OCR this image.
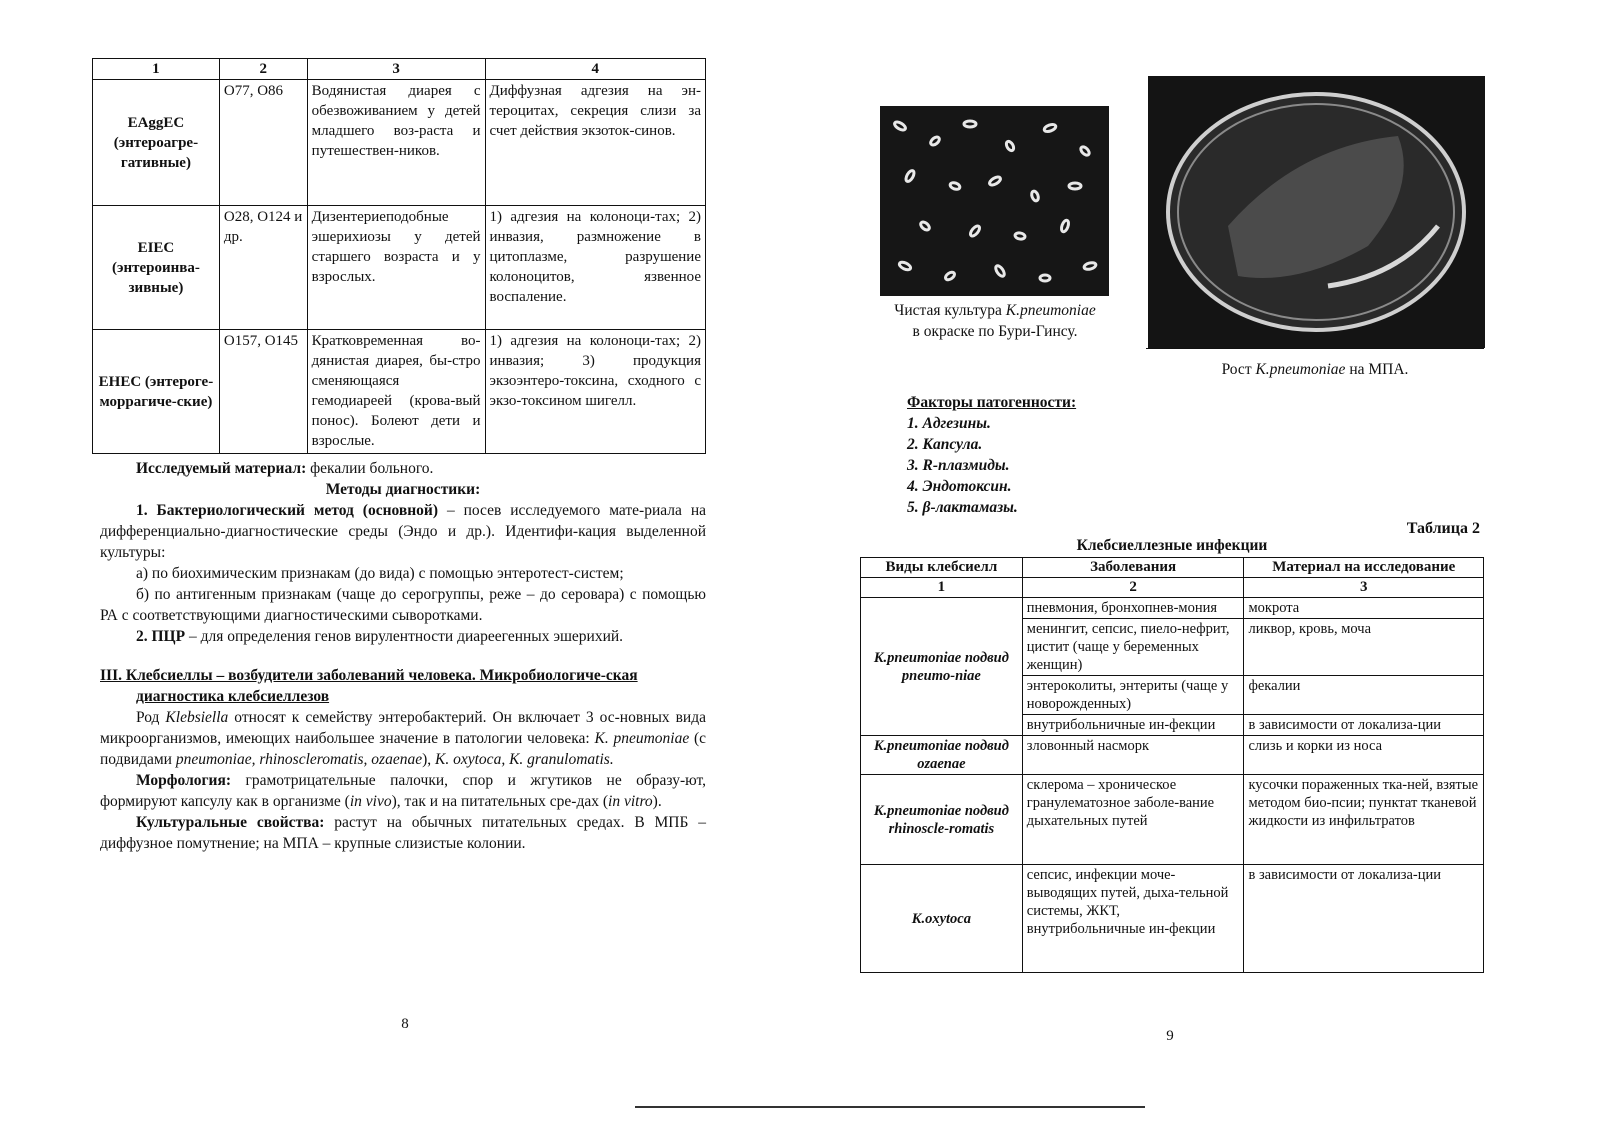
1	2	3	4
EAggEC (энтероагре-гативные)	O77, O86	Водянистая диарея с обезвоживанием у детей младшего воз-раста и путешествен-ников.	Диффузная адгезия на эн-тероцитах, секреция слизи за счет действия экзоток-синов.
EIEC (энтероинва-зивные)	O28, O124 и др.	Дизентериеподобные эшерихиозы у детей старшего возраста и у взрослых.	1) адгезия на колоноци-тах; 2) инвазия, размножение в цитоплазме, разрушение колоноцитов, язвенное воспаление.
EHEC (энтероге-моррагиче-ские)	O157, O145	Кратковременная во-дянистая диарея, бы-стро сменяющаяся гемодиареей (крова-вый понос). Болеют дети и взрослые.	1) адгезия на колоноци-тах; 2) инвазия; 3) продукция экзоэнтеро-токсина, сходного с экзо-токсином шигелл.

Исследуемый материал: фекалии больного.

Методы диагностики:

1. Бактериологический метод (основной) – посев исследуемого мате-риала на дифференциально-диагностические среды (Эндо и др.). Идентифи-кация выделенной культуры:

а) по биохимическим признакам (до вида) с помощью энтеротест-систем;

б) по антигенным признакам (чаще до серогруппы, реже – до серовара) с помощью РА с соответствующими диагностическими сыворотками.

2. ПЦР – для определения генов вирулентности диареегенных эшерихий.

III. Клебсиеллы – возбудители заболеваний человека. Микробиологиче-ская диагностика клебсиеллезов

Род Klebsiella относят к семейству энтеробактерий. Он включает 3 ос-новных вида микроорганизмов, имеющих наибольшее значение в патологии человека: K. pneumoniae (с подвидами pneumoniae, rhinoscleromatis, ozaenae), K. oxytoca, K. granulomatis.

Морфология: грамотрицательные палочки, спор и жгутиков не образу-ют, формируют капсулу как в организме (in vivo), так и на питательных сре-дах (in vitro).

Культуральные свойства: растут на обычных питательных средах. В МПБ – диффузное помутнение; на МПА – крупные слизистые колонии.

8
Чистая культура K.pneumoniae
в окраске по Бури-Гинсу.
Рост K.pneumoniae на МПА.
Факторы патогенности:
1. Адгезины.
2. Капсула.
3. R-плазмиды.
4. Эндотоксин.
5. β-лактамазы.
Таблица 2
Клебсиеллезные инфекции
Виды клебсиелл	Заболевания	Материал на исследование
1	2	3
K.pneumoniae подвид pneumo-niae	пневмония, бронхопнев-мония	мокрота
	менингит, сепсис, пиело-нефрит, цистит (чаще у беременных женщин)	ликвор, кровь, моча
	энтероколиты, энтериты (чаще у новорожденных)	фекалии
	внутрибольничные ин-фекции	в зависимости от локализа-ции
K.pneumoniae подвид ozaenae	зловонный насморк	слизь и корки из носа
K.pneumoniae подвид rhinoscle-romatis	склерома – хроническое гранулематозное заболе-вание дыхательных путей	кусочки пораженных тка-ней, взятые методом био-псии; пунктат тканевой жидкости из инфильтратов
K.oxytoca	сепсис, инфекции моче-выводящих путей, дыха-тельной системы, ЖКТ, внутрибольничные ин-фекции	в зависимости от локализа-ции
9
